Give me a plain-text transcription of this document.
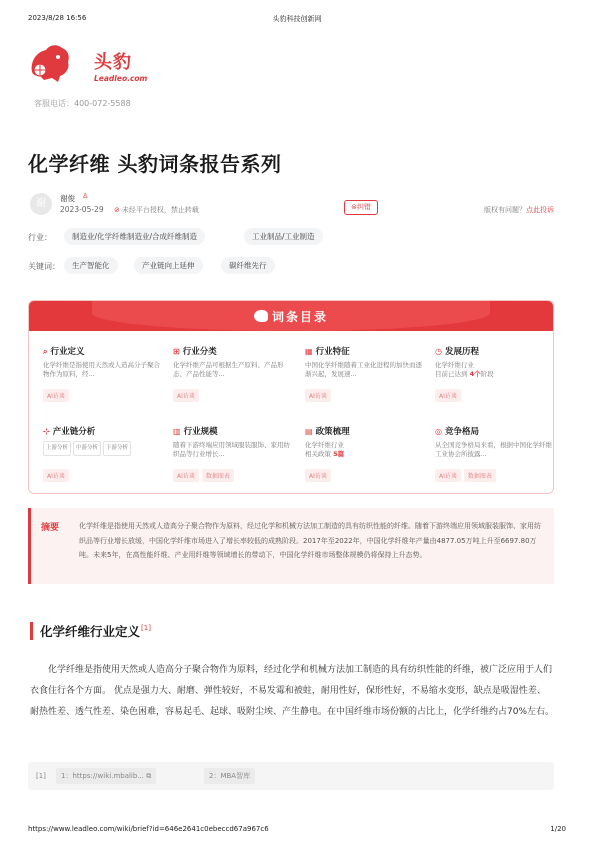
2023/8/28 16:56	头豹科技创新网
头豹
Leadleo.com
客服电话：400-072-5588
化学纤维 头豹词条报告系列
谢	谢俊 ♙
2023-05-29 ⊘ 未经平台授权，禁止转载	⊜纠错	版权有问题？点此投诉
行业：	制造业/化学纤维制造业/合成纤维制造	工业制品/工业制造
关键词：	生产智能化	产业链向上延伸	碳纤维先行
词条目录
⌕ 行业定义
化学纤维是指使用天然或人造高分子聚合物作为原料，经...
AI访谈
⊞ 行业分类
化学纤维产品可根据生产原料、产品形态、产品性能等...
AI访谈
▦ 行业特征
中国化学纤维随着工业化进程的加快而逐渐兴起，发展速...
AI访谈
◷ 发展历程
化学纤维行业
目前已达到 4个阶段
AI访谈
⊹ 产业链分析
上游分析 中游分析 下游分析
AI访谈
▥ 行业规模
随着下游终端应用领域服装服饰、家用纺织品等行业增长...
AI访谈 数据图表
▤ 政策梳理
化学纤维行业
相关政策 5篇
AI访谈
◎ 竞争格局
从全国竞争格局来看，根据中国化学纤维工业协会所披露...
AI访谈 数据图表
摘要	化学纤维是指使用天然或人造高分子聚合物作为原料，经过化学和机械方法加工制造的具有纺织性能的纤维。随着下游终端应用领域服装服饰、家用纺织品等行业增长放缓，中国化学纤维市场进入了增长率较低的成熟阶段。2017年至2022年，中国化学纤维年产量由4877.05万吨上升至6697.80万吨。未来5年，在高性能纤维、产业用纤维等领域增长的带动下，中国化学纤维市场整体规模仍将保持上升态势。

化学纤维行业定义[1]

化学纤维是指使用天然或人造高分子聚合物作为原料，经过化学和机械方法加工制造的具有纺织性能的纤维，被广泛应用于人们衣食住行各个方面。 优点是强力大、耐磨、弹性较好，不易发霉和被蛀，耐用性好，保形性好，不易缩水变形，缺点是吸湿性差、耐热性差、透气性差、染色困难，容易起毛、起球、吸附尘埃、产生静电。在中国纤维市场份额的占比上，化学纤维约占70%左右。

[1]	1：https://wiki.mbalib... ⧉	2：MBA智库
https://www.leadleo.com/wiki/brief?id=646e2641c0ebeccd67a967c6	1/20
